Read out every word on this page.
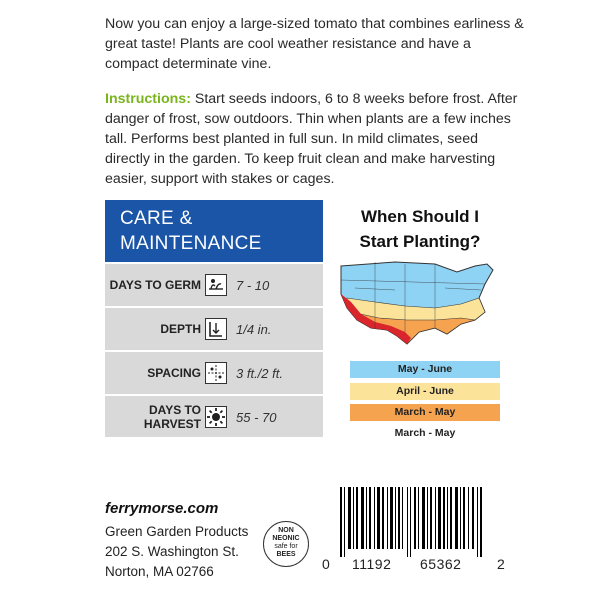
Now you can enjoy a large-sized tomato that combines earliness & great taste! Plants are cool weather resistance and have a compact determinate vine.
Instructions: Start seeds indoors, 6 to 8 weeks before frost. After danger of frost, sow outdoors. Thin when plants are a few inches tall. Performs best planted in full sun. In mild climates, seed directly in the garden. To keep fruit clean and make harvesting easier, support with stakes or cages.
CARE &
MAINTENANCE
DAYS TO GERM	7 - 10
DEPTH	1/4 in.
SPACING	3 ft./2 ft.
DAYS TO HARVEST	55 - 70
When Should I
Start Planting?
May - June
April - June
March - May
March - May
ferrymorse.com
Green Garden Products
202 S. Washington St.
Norton, MA 02766
NON
NEONIC
safe for
BEES
0 11192 65362	2
